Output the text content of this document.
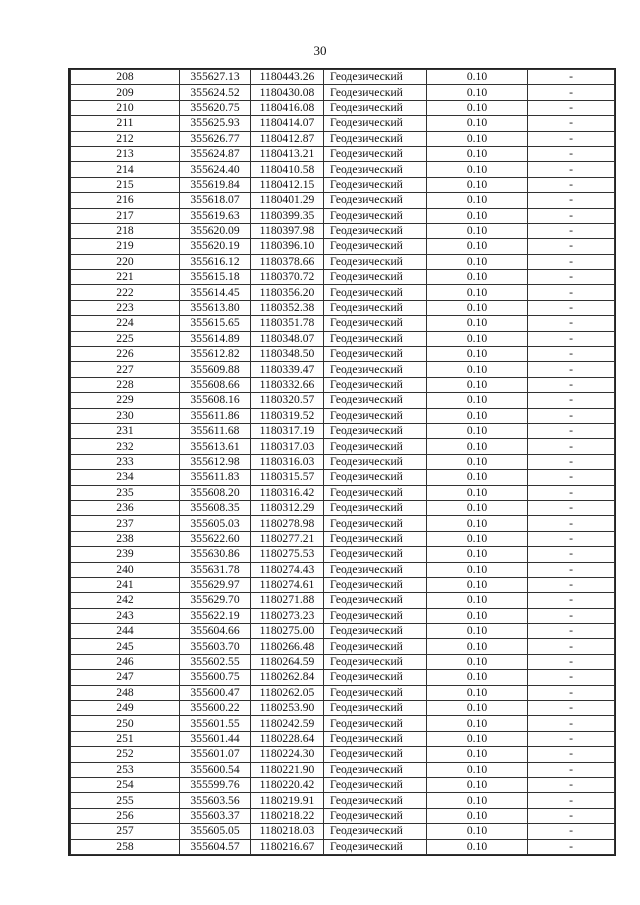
30
208	355627.13	1180443.26	Геодезический	0.10	-
209	355624.52	1180430.08	Геодезический	0.10	-
210	355620.75	1180416.08	Геодезический	0.10	-
211	355625.93	1180414.07	Геодезический	0.10	-
212	355626.77	1180412.87	Геодезический	0.10	-
213	355624.87	1180413.21	Геодезический	0.10	-
214	355624.40	1180410.58	Геодезический	0.10	-
215	355619.84	1180412.15	Геодезический	0.10	-
216	355618.07	1180401.29	Геодезический	0.10	-
217	355619.63	1180399.35	Геодезический	0.10	-
218	355620.09	1180397.98	Геодезический	0.10	-
219	355620.19	1180396.10	Геодезический	0.10	-
220	355616.12	1180378.66	Геодезический	0.10	-
221	355615.18	1180370.72	Геодезический	0.10	-
222	355614.45	1180356.20	Геодезический	0.10	-
223	355613.80	1180352.38	Геодезический	0.10	-
224	355615.65	1180351.78	Геодезический	0.10	-
225	355614.89	1180348.07	Геодезический	0.10	-
226	355612.82	1180348.50	Геодезический	0.10	-
227	355609.88	1180339.47	Геодезический	0.10	-
228	355608.66	1180332.66	Геодезический	0.10	-
229	355608.16	1180320.57	Геодезический	0.10	-
230	355611.86	1180319.52	Геодезический	0.10	-
231	355611.68	1180317.19	Геодезический	0.10	-
232	355613.61	1180317.03	Геодезический	0.10	-
233	355612.98	1180316.03	Геодезический	0.10	-
234	355611.83	1180315.57	Геодезический	0.10	-
235	355608.20	1180316.42	Геодезический	0.10	-
236	355608.35	1180312.29	Геодезический	0.10	-
237	355605.03	1180278.98	Геодезический	0.10	-
238	355622.60	1180277.21	Геодезический	0.10	-
239	355630.86	1180275.53	Геодезический	0.10	-
240	355631.78	1180274.43	Геодезический	0.10	-
241	355629.97	1180274.61	Геодезический	0.10	-
242	355629.70	1180271.88	Геодезический	0.10	-
243	355622.19	1180273.23	Геодезический	0.10	-
244	355604.66	1180275.00	Геодезический	0.10	-
245	355603.70	1180266.48	Геодезический	0.10	-
246	355602.55	1180264.59	Геодезический	0.10	-
247	355600.75	1180262.84	Геодезический	0.10	-
248	355600.47	1180262.05	Геодезический	0.10	-
249	355600.22	1180253.90	Геодезический	0.10	-
250	355601.55	1180242.59	Геодезический	0.10	-
251	355601.44	1180228.64	Геодезический	0.10	-
252	355601.07	1180224.30	Геодезический	0.10	-
253	355600.54	1180221.90	Геодезический	0.10	-
254	355599.76	1180220.42	Геодезический	0.10	-
255	355603.56	1180219.91	Геодезический	0.10	-
256	355603.37	1180218.22	Геодезический	0.10	-
257	355605.05	1180218.03	Геодезический	0.10	-
258	355604.57	1180216.67	Геодезический	0.10	-
